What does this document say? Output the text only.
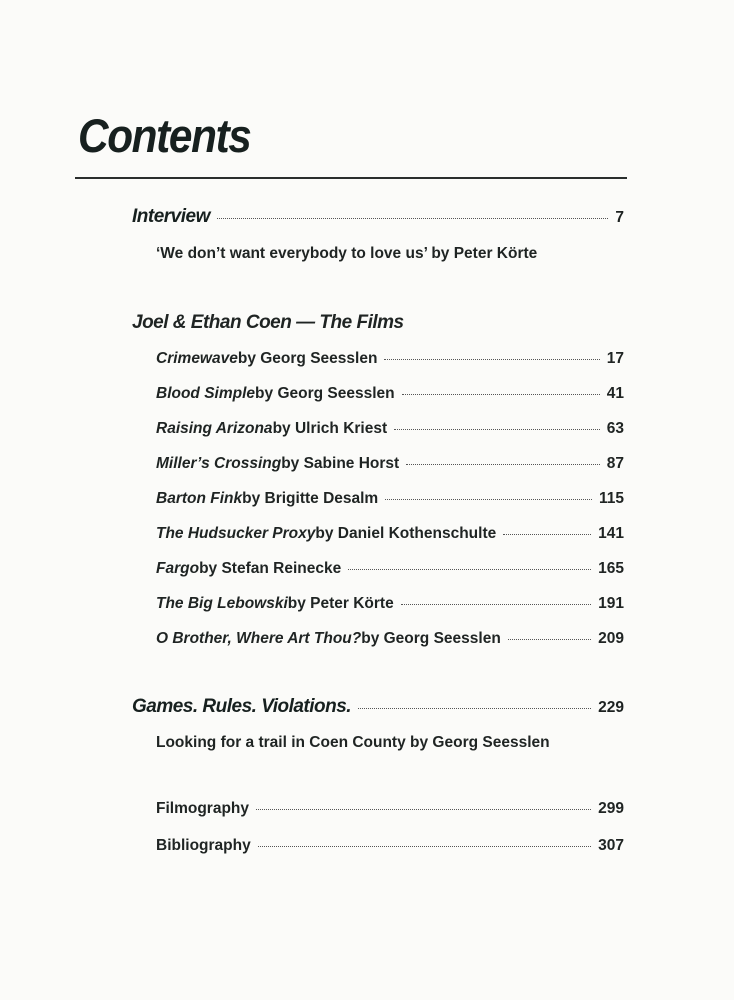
Contents
Interview	7
‘We don’t want everybody to love us’ by Peter Körte
Joel & Ethan Coen — The Films
Crimewave by Georg Seesslen	17
Blood Simple by Georg Seesslen	41
Raising Arizona by Ulrich Kriest	63
Miller’s Crossing by Sabine Horst	87
Barton Fink by Brigitte Desalm	115
The Hudsucker Proxy by Daniel Kothenschulte	141
Fargo by Stefan Reinecke	165
The Big Lebowski by Peter Körte	191
O Brother, Where Art Thou? by Georg Seesslen	209
Games. Rules. Violations.	229
Looking for a trail in Coen County by Georg Seesslen
Filmography	299
Bibliography	307
